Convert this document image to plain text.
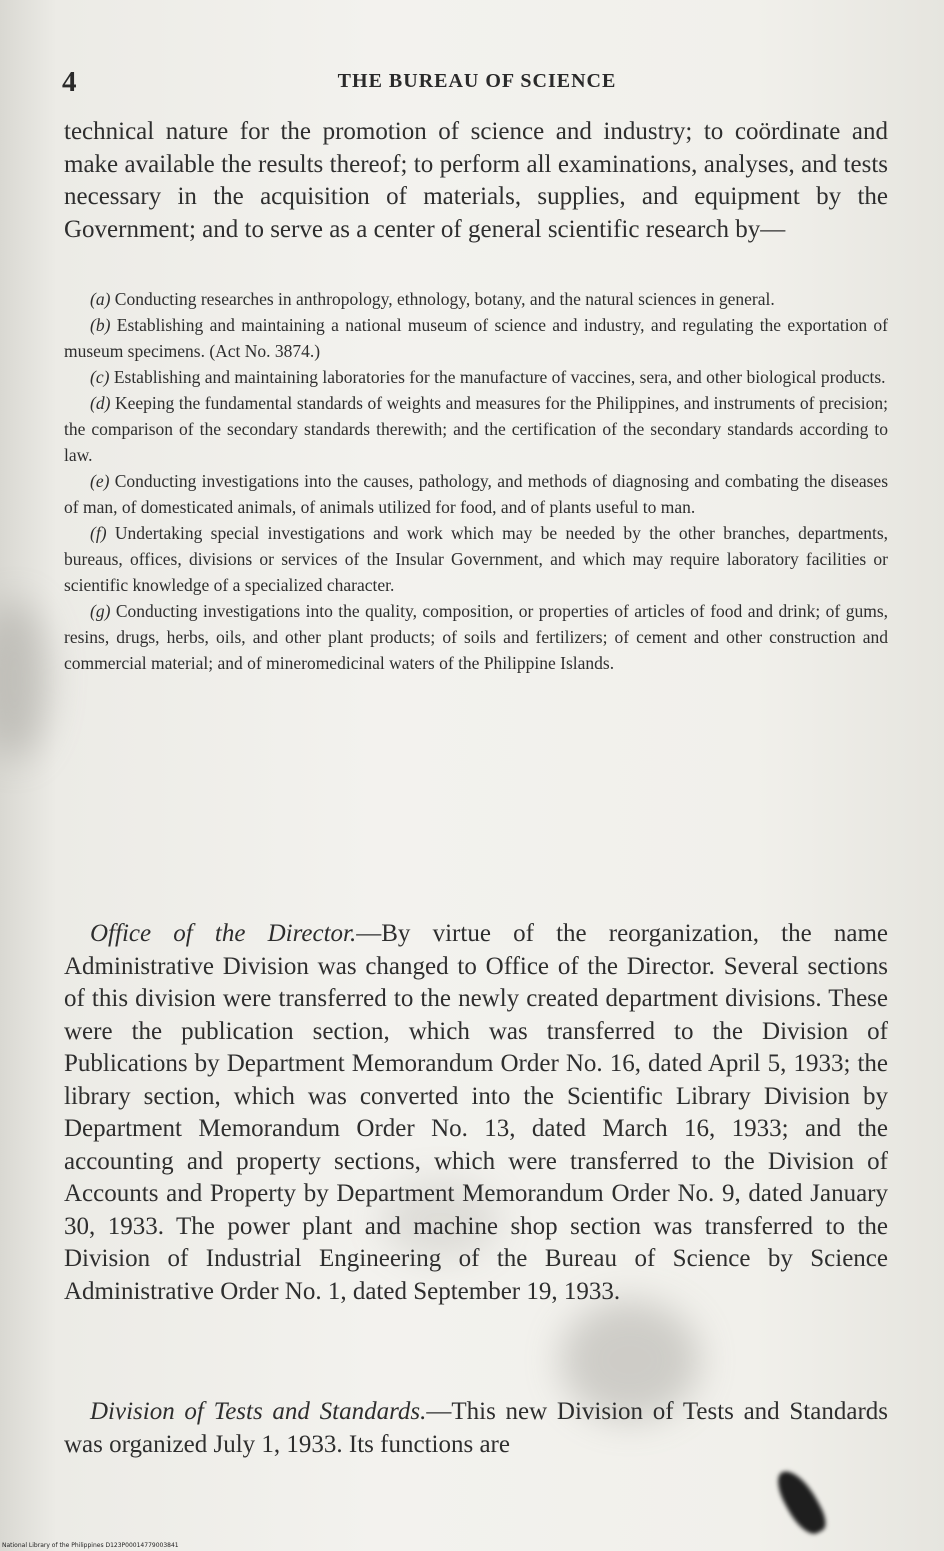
4	THE BUREAU OF SCIENCE

technical nature for the promotion of science and industry; to coördinate and make available the results thereof; to perform all examinations, analyses, and tests necessary in the acquisition of materials, supplies, and equipment by the Government; and to serve as a center of general scientific research by—

(a) Conducting researches in anthropology, ethnology, botany, and the natural sciences in general.

(b) Establishing and maintaining a national museum of science and industry, and regulating the exportation of museum specimens. (Act No. 3874.)

(c) Establishing and maintaining laboratories for the manufacture of vaccines, sera, and other biological products.

(d) Keeping the fundamental standards of weights and measures for the Philippines, and instruments of precision; the comparison of the secondary standards therewith; and the certification of the secondary standards according to law.

(e) Conducting investigations into the causes, pathology, and methods of diagnosing and combating the diseases of man, of domesticated animals, of animals utilized for food, and of plants useful to man.

(f) Undertaking special investigations and work which may be needed by the other branches, departments, bureaus, offices, divisions or services of the Insular Government, and which may require laboratory facilities or scientific knowledge of a specialized character.

(g) Conducting investigations into the quality, composition, or properties of articles of food and drink; of gums, resins, drugs, herbs, oils, and other plant products; of soils and fertilizers; of cement and other construction and commercial material; and of mineromedicinal waters of the Philippine Islands.

Office of the Director.—By virtue of the reorganization, the name Administrative Division was changed to Office of the Director. Several sections of this division were transferred to the newly created department divisions. These were the publication section, which was transferred to the Division of Publications by Department Memorandum Order No. 16, dated April 5, 1933; the library section, which was converted into the Scientific Library Division by Department Memorandum Order No. 13, dated March 16, 1933; and the accounting and property sections, which were transferred to the Division of Accounts and Property by Department Memorandum Order No. 9, dated January 30, 1933. The power plant and machine shop section was transferred to the Division of Industrial Engineering of the Bureau of Science by Science Administrative Order No. 1, dated September 19, 1933.

Division of Tests and Standards.—This new Division of Tests and Standards was organized July 1, 1933. Its functions are

National Library of the Philippines D123P00014779003841
